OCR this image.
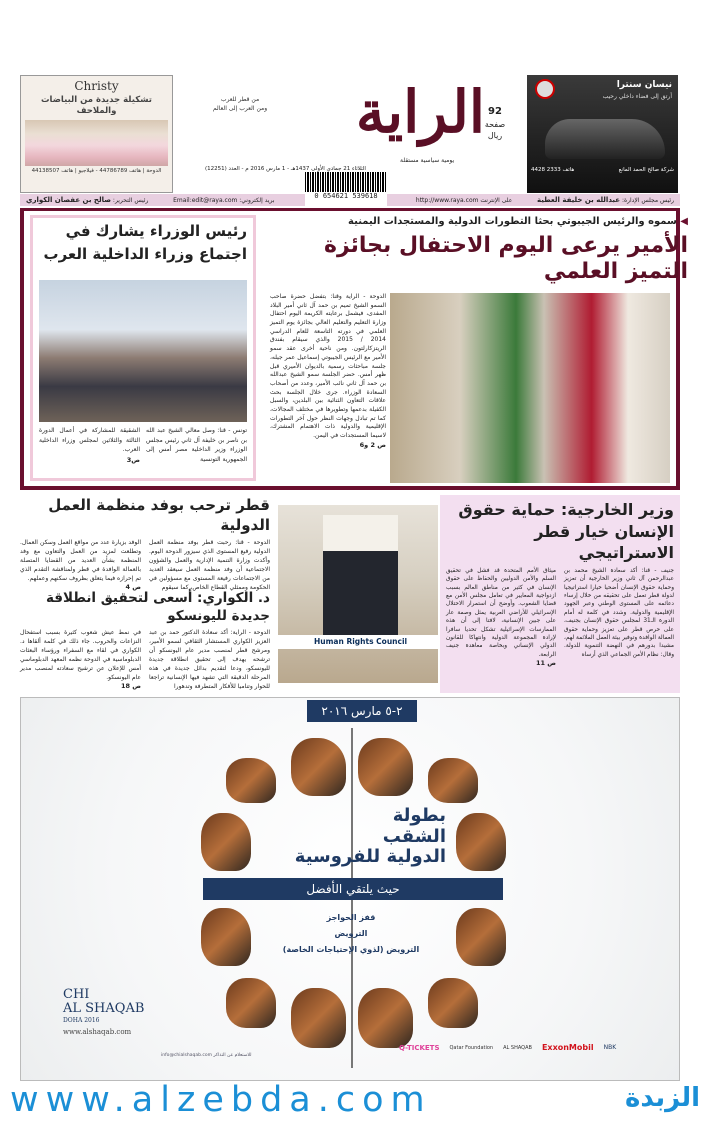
Christy
تشكيلة جديدة من البياضات والملاحف
الدوحة | هاتف 44786789 - فيلاجيو | هاتف 44138507
الراية
من قطر للعرب
ومن العرب إلى العالم
يومية سياسية مستقلة
الثلاثاء 21 جمادي الأولى 1437هـ - 1 مارس 2016 م - العدد (12251)
92
صفحة
ريال
نيسان سنترا
أرتق إلى فضاء داخلي رحيب
شركة صالح الحمد المانع
هاتف 2333 4428
رئيس مجلس الإدارة: عبدالله بن خليفة العطية
على الإنترنت http://www.raya.com
بريد إلكتروني: Email:edit@raya.com
رئيس التحرير: صالح بن عفصان الكواري	0 654621 539618
رئيس الوزراء يشارك في اجتماع وزراء الداخلية العرب
تونس - قنا: وصل معالي الشيخ عبد الله بن ناصر بن خليفة آل ثاني رئيس مجلس الوزراء وزير الداخلية مصر أمس إلى الجمهورية التونسية
الشقيقة للمشاركة في أعمال الدورة الثالثة والثلاثين لمجلس وزراء الداخلية العرب.
ص3
◀ سموه والرئيس الجيبوتي بحثا التطورات الدولية والمستجدات اليمنية
الأمير يرعى اليوم الاحتفال بجائزة التميز العلمي
الدوحة - الراية وقنا: بتفضل حضرة صاحب السمو الشيخ تميم بن حمد آل ثاني أمير البلاد المفدى، فيشمل برعايته الكريمة اليوم احتفال وزارة التعليم والتعليم العالي بجائزة يوم التميز العلمي في دورته التاسعة للعام الدراسي 2014 / 2015 والذي سيقام بفندق الريتزكارلتون. ومن ناحية أخرى عقد سمو الأمير مع الرئيس الجيبوتي إسماعيل عمر جيله، جلسة مباحثات رسمية بالديوان الأميري قبل ظهر أمس. حضر الجلسة سمو الشيخ عبدالله بن حمد آل ثاني نائب الأمير، وعدد من أصحاب السعادة الوزراء. جرى خلال الجلسة بحث علاقات التعاون الثنائية بين البلدين، والسبل الكفيلة بدعمها وتطويرها في مختلف المجالات، كما تم تبادل وجهات النظر حول آخر التطورات الإقليمية والدولية ذات الاهتمام المشترك، لاسيما المستجدات في اليمن.
ص 2 و6
قطر ترحب بوفد منظمة العمل الدولية
الدوحة - قنا: رحبت قطر بوفد منظمة العمل الدولية رفيع المستوى الذي سيزور الدوحة اليوم. وأكدت وزارة التنمية الإدارية والعمل والشؤون الاجتماعية أن وفد منظمة العمل سيعقد العديد من الاجتماعات رفيعة المستوى مع مسؤولين في الحكومة وممثلي القطاع الخاص، كما سيقوم
الوفد بزيارة عدد من مواقع العمل وسكن العمال. وتطلعت لمزيد من العمل والتعاون مع وفد المنظمة بشأن العديد من القضايا المتصلة بالعمالة الوافدة في قطر ولمناقشة التقدم الذي تم إحرازه فيما يتعلق بظروف سكنهم وعملهم.
ص 4
د. الكواري: أسعى لتحقيق انطلاقة جديدة لليونسكو
الدوحة - الراية: أكد سعادة الدكتور حمد بن عبد العزيز الكواري المستشار الثقافي لسمو الأمير، ومرشح قطر لمنصب مدير عام اليونسكو أن ترشحه يهدف إلى تحقيق انطلاقة جديدة لليونسكو، ودعا لتقديم بدائل جديدة في هذه المرحلة الدقيقة التي تشهد فيها الإنسانية تراجعا للحوار وتناميا للأفكار المتطرفة وتدهورا
في نمط عيش شعوب كثيرة بسبب استفحال النزاعات والحروب. جاء ذلك في كلمة ألقاها د. الكواري في لقاء مع السفراء ورؤساء البعثات الدبلوماسية في الدوحة نظمه المعهد الدبلوماسي أمس للإعلان عن ترشيح سعادته لمنصب مدير عام اليونسكو.
ص 18
Human Rights Council
وزير الخارجية: حماية حقوق الإنسان خيار قطر الاستراتيجي
جنيف - قنا: أكد سعادة الشيخ محمد بن عبدالرحمن آل ثاني وزير الخارجية أن تعزيز وحماية حقوق الإنسان أضحيا خيارا استراتيجيا لدولة قطر تعمل على تحقيقه من خلال إرساء دعائمه على المستوى الوطني وعبر الجهود الإقليمية والدولية. وشدد في كلمة له أمام الدورة الـ31 لمجلس حقوق الإنسان بجنيف، على حرص قطر على تعزيز وحماية حقوق العمالة الوافدة وتوفير بيئة العمل الملائمة لهم، مشيدا بدورهم في النهضة التنموية للدولة. وقال: نظام الأمن الجماعي الذي أرساه
ميثاق الأمم المتحدة قد فشل في تحقيق السلم والأمن الدوليين والحفاظ على حقوق الإنسان في كثير من مناطق العالم بسبب ازدواجية المعايير في تعامل مجلس الأمن مع قضايا الشعوب. وأوضح أن استمرار الاحتلال الإسرائيلي للأراضي العربية يمثل وصمة عار على جبين الإنسانية، لافتا إلى أن هذه الممارسات الإسرائيلية تشكل تحديا سافرا لإرادة المجموعة الدولية وانتهاكا للقانون الدولي الإنساني وبخاصة معاهدة جنيف الرابعة.
ص 11
٢-٥ مارس ٢٠١٦
بطولة
الشقب
الدولية للفروسية
حيث يلتقي الأفضل
قفز الحواجز
الترويض
الترويض (لذوي الإحتياجات الخاصة)
CHI
AL SHAQAB
DOHA 2016
www.alshaqab.com
info@chialshaqab.com للاستعلام عن التذاكر
Q-TICKETS Qatar Foundation AL SHAQAB ExxonMobil NBK
www.alzebda.com	الزبدة
